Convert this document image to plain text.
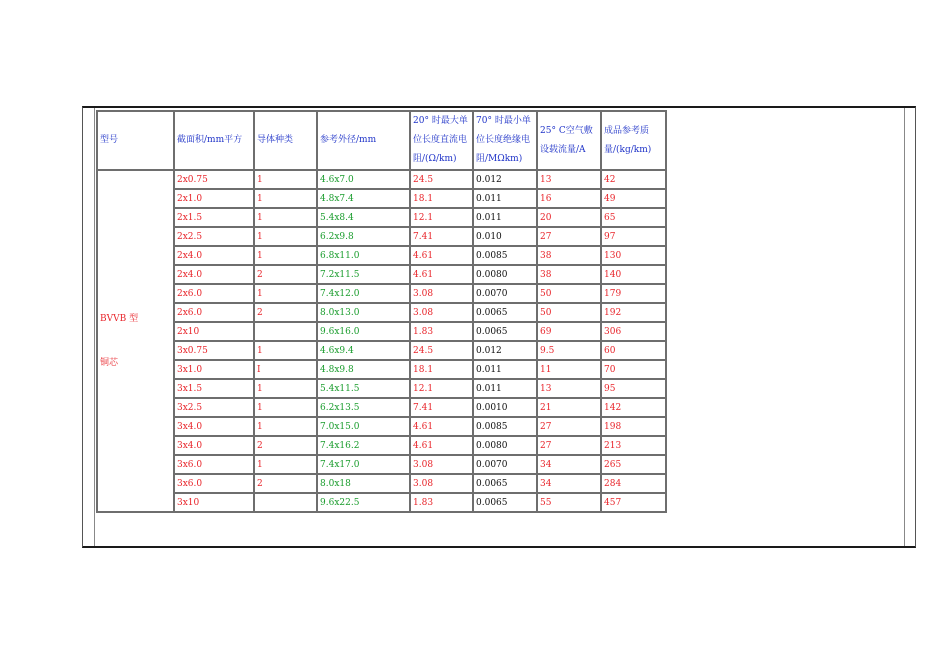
型号	截面积/mm平方	导体种类	参考外径/mm	20° 时最大单位长度直流电阻/(Ω/km)	70° 时最小单位长度绝缘电阻/MΩkm)	25° C空气敷设载流量/A	成品参考质量/(kg/km)

BVVB 型
铜芯	2x0.75	1	4.6x7.0	24.5	0.012	13	42
	2x1.0	1	4.8x7.4	18.1	0.011	16	49
	2x1.5	1	5.4x8.4	12.1	0.011	20	65
	2x2.5	1	6.2x9.8	7.41	0.010	27	97
	2x4.0	1	6.8x11.0	4.61	0.0085	38	130
	2x4.0	2	7.2x11.5	4.61	0.0080	38	140
	2x6.0	1	7.4x12.0	3.08	0.0070	50	179
	2x6.0	2	8.0x13.0	3.08	0.0065	50	192
	2x10		9.6x16.0	1.83	0.0065	69	306
	3x0.75	1	4.6x9.4	24.5	0.012	9.5	60
	3x1.0	I	4.8x9.8	18.1	0.011	11	70
	3x1.5	1	5.4x11.5	12.1	0.011	13	95
	3x2.5	1	6.2x13.5	7.41	0.0010	21	142
	3x4.0	1	7.0x15.0	4.61	0.0085	27	198
	3x4.0	2	7.4x16.2	4.61	0.0080	27	213
	3x6.0	1	7.4x17.0	3.08	0.0070	34	265
	3x6.0	2	8.0x18	3.08	0.0065	34	284
	3x10		9.6x22.5	1.83	0.0065	55	457
